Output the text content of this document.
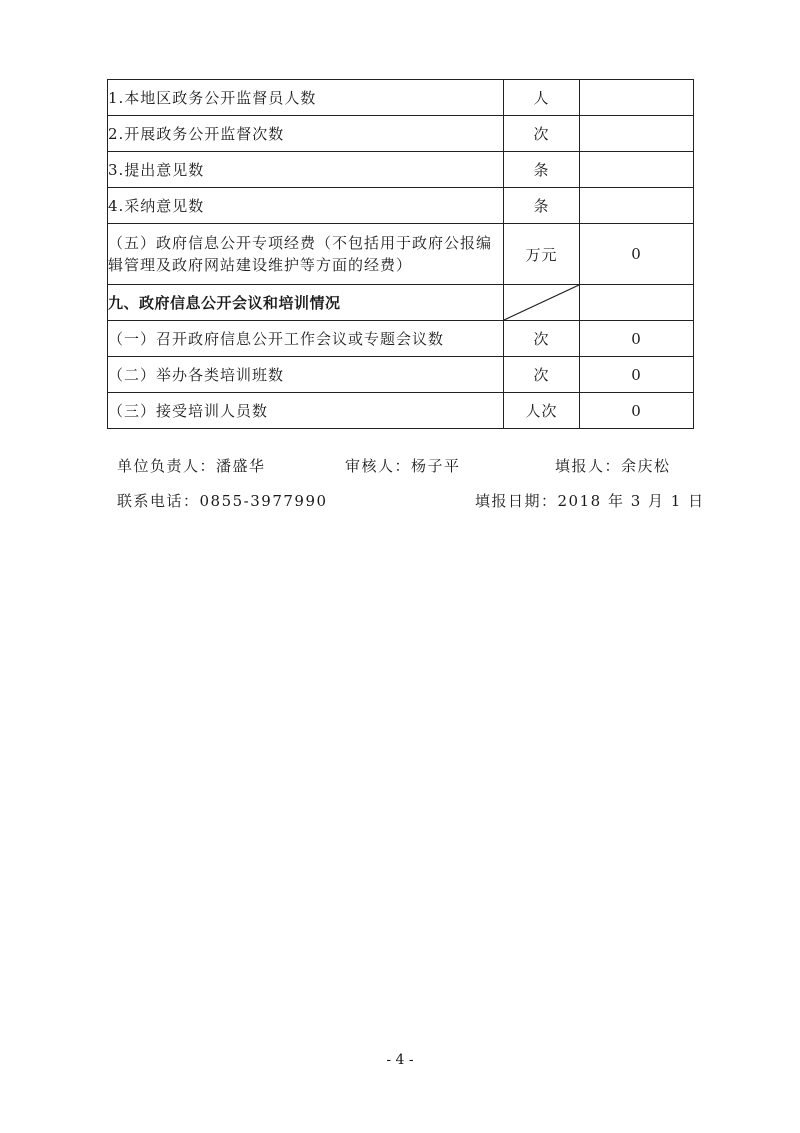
1.本地区政务公开监督员人数	人	
2.开展政务公开监督次数	次	
3.提出意见数	条	
4.采纳意见数	条	
（五）政府信息公开专项经费（不包括用于政府公报编辑管理及政府网站建设维护等方面的经费）	万元	0
九、政府信息公开会议和培训情况	

（一）召开政府信息公开工作会议或专题会议数	次	0
（二）举办各类培训班数	次	0
（三）接受培训人员数	人次	0
单位负责人：潘盛华	审核人：杨子平	填报人：余庆松
联系电话：0855-3977990	填报日期：2018 年 3 月 1 日
- 4 -
